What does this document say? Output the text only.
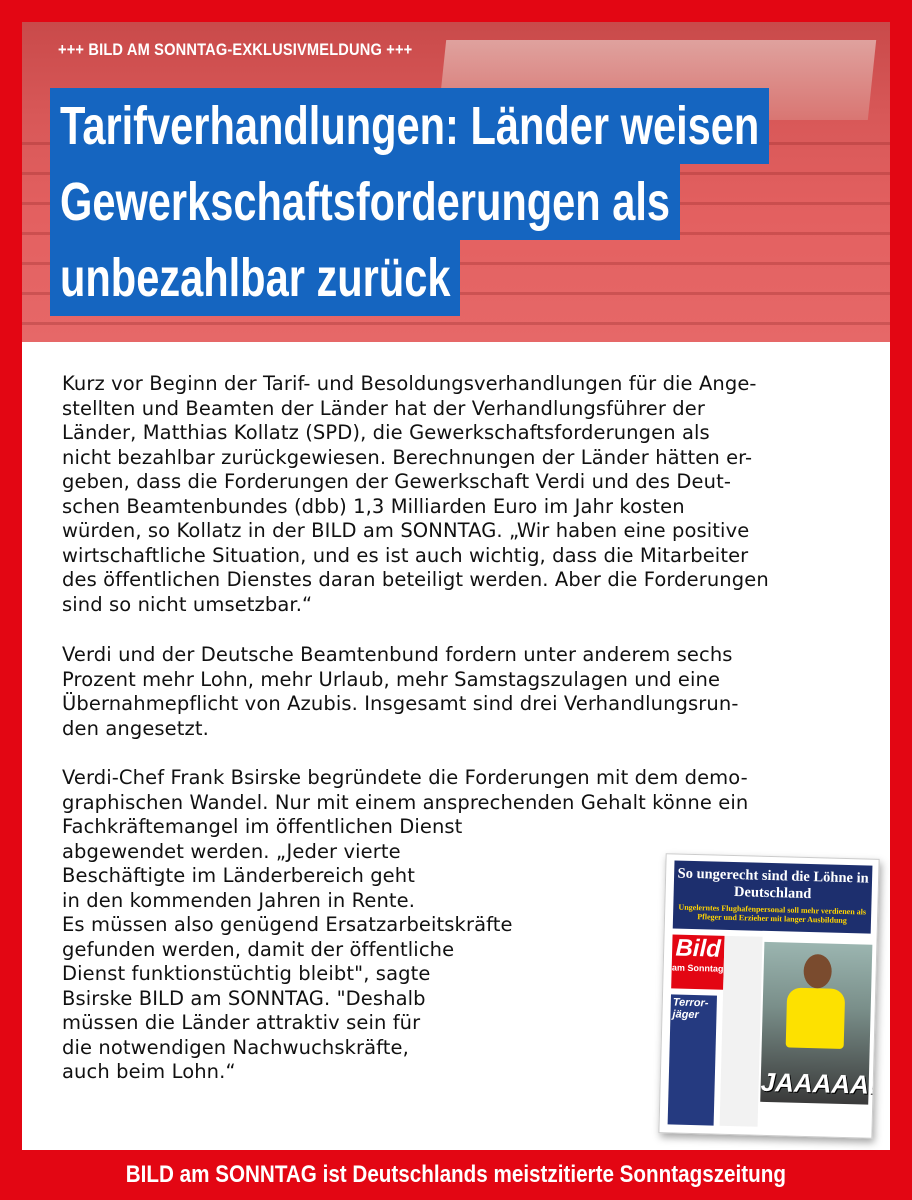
+++ BILD AM SONNTAG-EXKLUSIVMELDUNG +++
Tarifverhandlungen: Länder weisen
Gewerkschaftsforderungen als
unbezahlbar zurück

Kurz vor Beginn der Tarif- und Besoldungsverhandlungen für die Ange-
stellten und Beamten der Länder hat der Verhandlungsführer der
Länder, Matthias Kollatz (SPD), die Gewerkschaftsforderungen als
nicht bezahlbar zurückgewiesen. Berechnungen der Länder hätten er-
geben, dass die Forderungen der Gewerkschaft Verdi und des Deut-
schen Beamtenbundes (dbb) 1,3 Milliarden Euro im Jahr kosten
würden, so Kollatz in der BILD am SONNTAG. „Wir haben eine positive
wirtschaftliche Situation, und es ist auch wichtig, dass die Mitarbeiter
des öffentlichen Dienstes daran beteiligt werden. Aber die Forderungen
sind so nicht umsetzbar.“

Verdi und der Deutsche Beamtenbund fordern unter anderem sechs
Prozent mehr Lohn, mehr Urlaub, mehr Samstagszulagen und eine
Übernahmepflicht von Azubis. Insgesamt sind drei Verhandlungsrun-
den angesetzt.

Verdi-Chef Frank Bsirske begründete die Forderungen mit dem demo-
graphischen Wandel. Nur mit einem ansprechenden Gehalt könne ein
Fachkräftemangel im öffentlichen Dienst
abgewendet werden. „Jeder vierte
Beschäftigte im Länderbereich geht
in den kommenden Jahren in Rente.
Es müssen also genügend Ersatzarbeitskräfte
gefunden werden, damit der öffentliche
Dienst funktionstüchtig bleibt", sagte
Bsirske BILD am SONNTAG. "Deshalb
müssen die Länder attraktiv sein für
die notwendigen Nachwuchskräfte,
auch beim Lohn.“

So ungerecht sind die Löhne in Deutschland
Ungelerntes Flughafenpersonal soll mehr verdienen als Pfleger und Erzieher mit langer Ausbildung
Bild
am Sonntag
Terror-jäger
JAAAAA!
BILD am SONNTAG ist Deutschlands meistzitierte Sonntagszeitung
